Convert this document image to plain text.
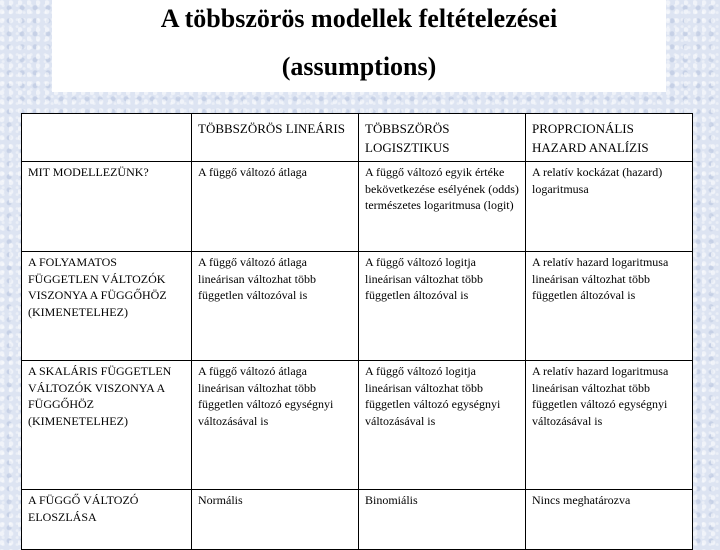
A többszörös modellek feltételezései
(assumptions)
	TÖBBSZÖRÖS LINEÁRIS	TÖBBSZÖRÖS LOGISZTIKUS	PROPRCIONÁLIS HAZARD ANALÍZIS
MIT MODELLEZÜNK?	A függő változó átlaga	A függő változó egyik értéke bekövetkezése esélyének (odds) természetes logaritmusa (logit)	A relatív kockázat (hazard) logaritmusa
A FOLYAMATOS FÜGGETLEN VÁLTOZÓK VISZONYA A FÜGGŐHÖZ (KIMENETELHEZ)	A függő változó átlaga lineárisan változhat több független változóval is	A függő változó logitja lineárisan változhat több független áltozóval is	A relatív hazard logaritmusa lineárisan változhat több független áltozóval is
A SKALÁRIS FÜGGETLEN VÁLTOZÓK VISZONYA A FÜGGŐHÖZ (KIMENETELHEZ)	A függő változó átlaga lineárisan változhat több független változó egységnyi változásával is	A függő változó logitja lineárisan változhat több független változó egységnyi változásával is	A relatív hazard logaritmusa lineárisan változhat több független változó egységnyi változásával is
A FÜGGŐ VÁLTOZÓ ELOSZLÁSA	Normális	Binomiális	Nincs meghatározva
